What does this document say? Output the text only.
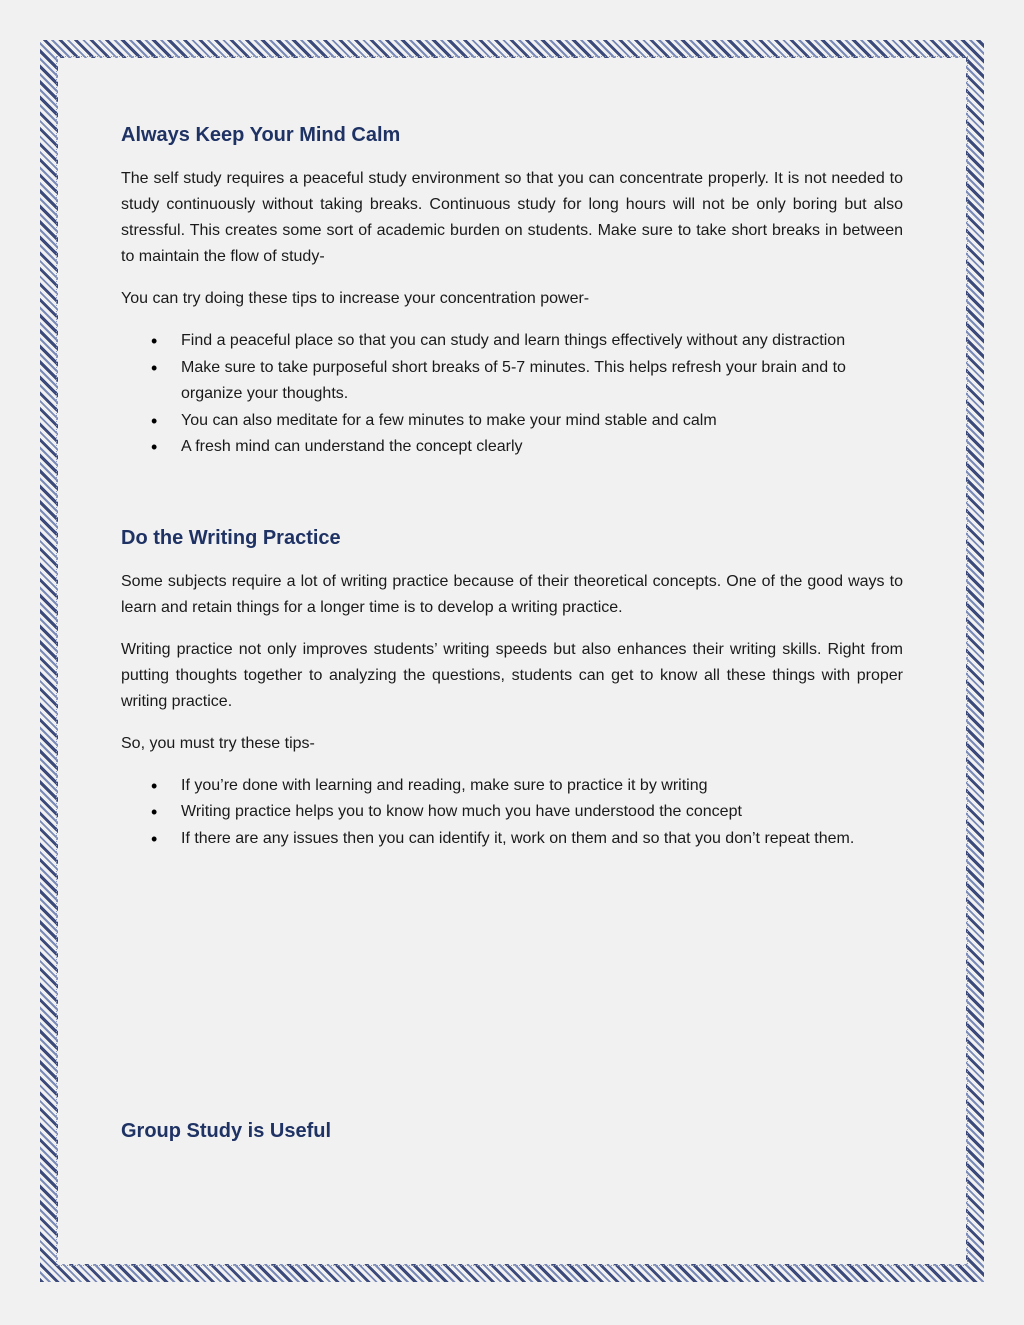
Always Keep Your Mind Calm

The self study requires a peaceful study environment so that you can concentrate properly. It is not needed to study continuously without taking breaks. Continuous study for long hours will not be only boring but also stressful. This creates some sort of academic burden on students. Make sure to take short breaks in between to maintain the flow of study-

You can try doing these tips to increase your concentration power-

• Find a peaceful place so that you can study and learn things effectively without any distraction
• Make sure to take purposeful short breaks of 5-7 minutes. This helps refresh your brain and to organize your thoughts.
• You can also meditate for a few minutes to make your mind stable and calm
• A fresh mind can understand the concept clearly
Do the Writing Practice

Some subjects require a lot of writing practice because of their theoretical concepts. One of the good ways to learn and retain things for a longer time is to develop a writing practice.

Writing practice not only improves students’ writing speeds but also enhances their writing skills. Right from putting thoughts together to analyzing the questions, students can get to know all these things with proper writing practice.

So, you must try these tips-

• If you’re done with learning and reading, make sure to practice it by writing
• Writing practice helps you to know how much you have understood the concept
• If there are any issues then you can identify it, work on them and so that you don’t repeat them.
Group Study is Useful
